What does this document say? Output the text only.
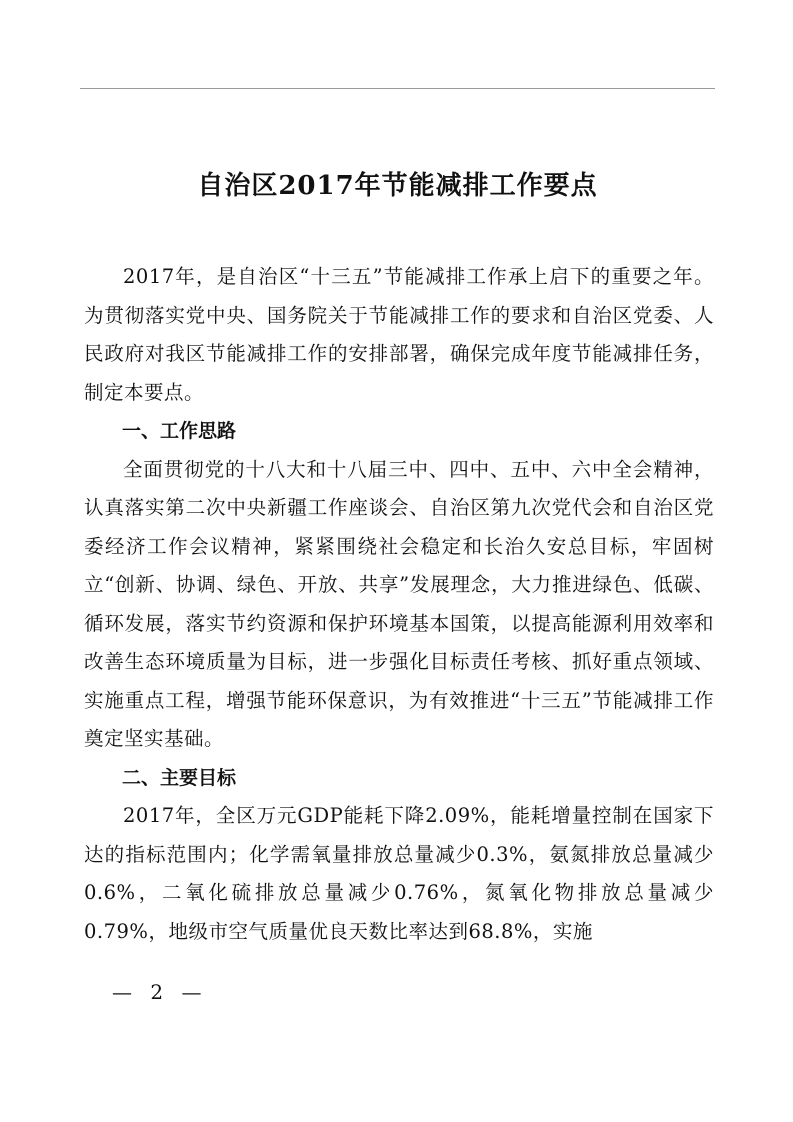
自治区2017年节能减排工作要点

2017年，是自治区“十三五”节能减排工作承上启下的重要之年。为贯彻落实党中央、国务院关于节能减排工作的要求和自治区党委、人民政府对我区节能减排工作的安排部署，确保完成年度节能减排任务，制定本要点。

一、工作思路

全面贯彻党的十八大和十八届三中、四中、五中、六中全会精神，认真落实第二次中央新疆工作座谈会、自治区第九次党代会和自治区党委经济工作会议精神，紧紧围绕社会稳定和长治久安总目标，牢固树立“创新、协调、绿色、开放、共享”发展理念，大力推进绿色、低碳、循环发展，落实节约资源和保护环境基本国策，以提高能源利用效率和改善生态环境质量为目标，进一步强化目标责任考核、抓好重点领域、实施重点工程，增强节能环保意识，为有效推进“十三五”节能减排工作奠定坚实基础。

二、主要目标

2017年，全区万元GDP能耗下降2.09%，能耗增量控制在国家下达的指标范围内；化学需氧量排放总量减少0.3%，氨氮排放总量减少0.6%，二氧化硫排放总量减少0.76%，氮氧化物排放总量减少0.79%，地级市空气质量优良天数比率达到68.8%，实施

— 2 —
